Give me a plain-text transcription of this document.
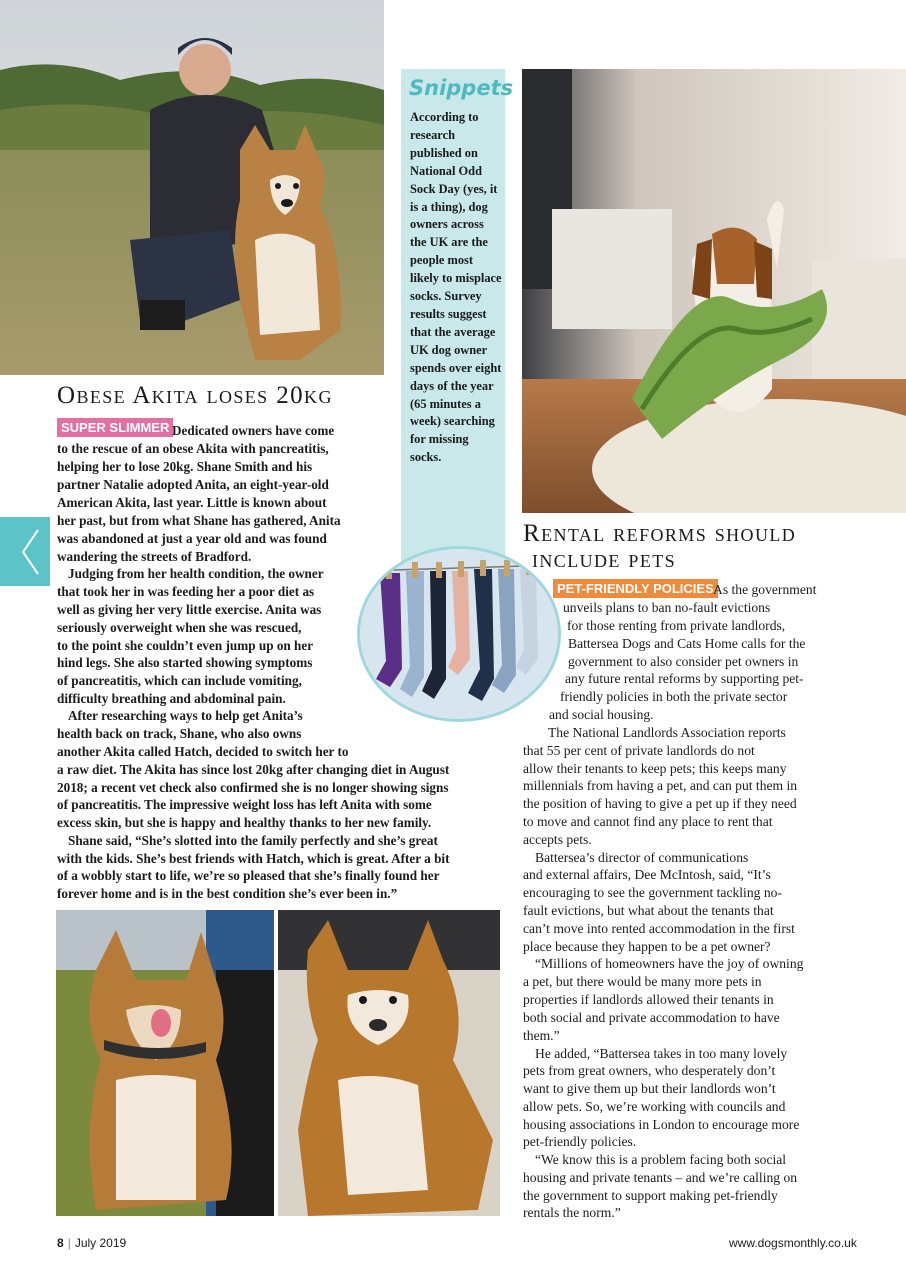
Snippets
According to research published on National Odd Sock Day (yes, it is a thing), dog owners across the UK are the people most likely to misplace socks. Survey results suggest that the average UK dog owner spends over eight days of the year (65 minutes a week) searching for missing socks.
Obese Akita loses 20kg
SUPER SLIMMER Dedicated owners have come
to the rescue of an obese Akita with pancreatitis,
helping her to lose 20kg. Shane Smith and his
partner Natalie adopted Anita, an eight-year-old
American Akita, last year. Little is known about
her past, but from what Shane has gathered, Anita
was abandoned at just a year old and was found
wandering the streets of Bradford.
Judging from her health condition, the owner
that took her in was feeding her a poor diet as
well as giving her very little exercise. Anita was
seriously overweight when she was rescued,
to the point she couldn’t even jump up on her
hind legs. She also started showing symptoms
of pancreatitis, which can include vomiting,
difficulty breathing and abdominal pain.
After researching ways to help get Anita’s
health back on track, Shane, who also owns
another Akita called Hatch, decided to switch her to
a raw diet. The Akita has since lost 20kg after changing diet in August
2018; a recent vet check also confirmed she is no longer showing signs
of pancreatitis. The impressive weight loss has left Anita with some
excess skin, but she is happy and healthy thanks to her new family.
Shane said, “She’s slotted into the family perfectly and she’s great
with the kids. She’s best friends with Hatch, which is great. After a bit
of a wobbly start to life, we’re so pleased that she’s finally found her
forever home and is in the best condition she’s ever been in.”
Rental reforms should
include pets
PET-FRIENDLY POLICIES As the government
unveils plans to ban no-fault evictions
for those renting from private landlords,
Battersea Dogs and Cats Home calls for the
government to also consider pet owners in
any future rental reforms by supporting pet-
friendly policies in both the private sector
and social housing.
The National Landlords Association reports
that 55 per cent of private landlords do not
allow their tenants to keep pets; this keeps many
millennials from having a pet, and can put them in
the position of having to give a pet up if they need
to move and cannot find any place to rent that
accepts pets.
Battersea’s director of communications
and external affairs, Dee McIntosh, said, “It’s
encouraging to see the government tackling no-
fault evictions, but what about the tenants that
can’t move into rented accommodation in the first
place because they happen to be a pet owner?
“Millions of homeowners have the joy of owning
a pet, but there would be many more pets in
properties if landlords allowed their tenants in
both social and private accommodation to have
them.”
He added, “Battersea takes in too many lovely
pets from great owners, who desperately don’t
want to give them up but their landlords won’t
allow pets. So, we’re working with councils and
housing associations in London to encourage more
pet-friendly policies.
“We know this is a problem facing both social
housing and private tenants – and we’re calling on
the government to support making pet-friendly
rentals the norm.”
8 | July 2019	www.dogsmonthly.co.uk
